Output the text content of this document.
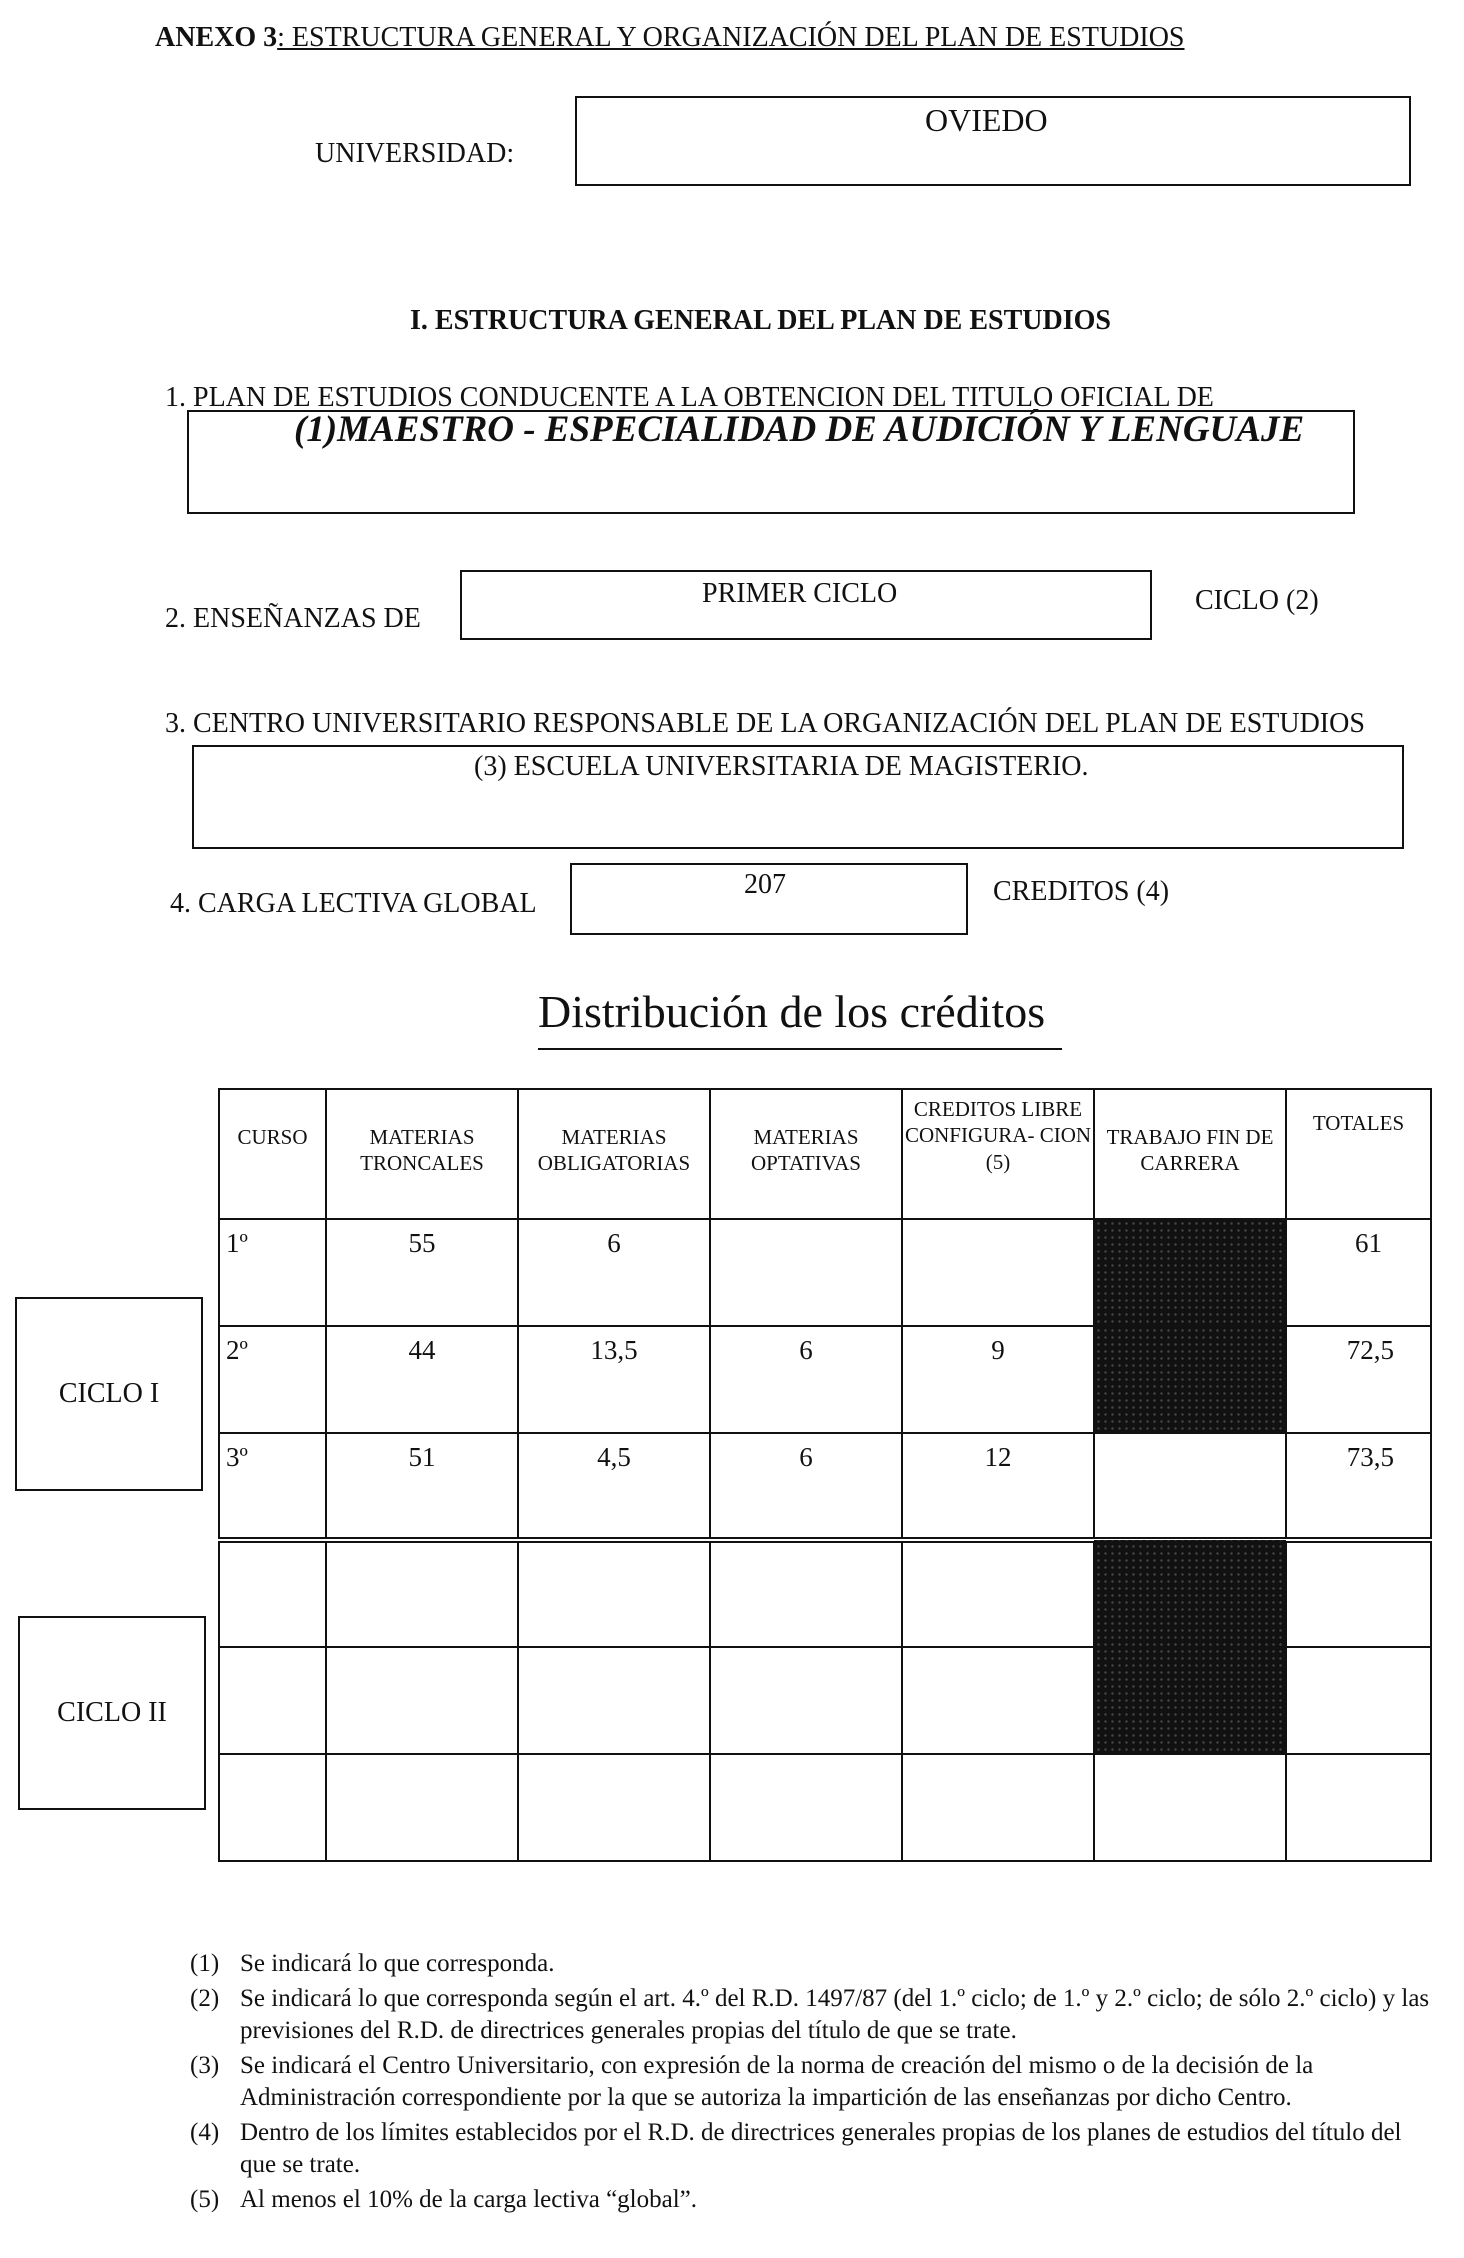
ANEXO 3: ESTRUCTURA GENERAL Y ORGANIZACIÓN DEL PLAN DE ESTUDIOS
UNIVERSIDAD:
OVIEDO
I. ESTRUCTURA GENERAL DEL PLAN DE ESTUDIOS
1. PLAN DE ESTUDIOS CONDUCENTE A LA OBTENCION DEL TITULO OFICIAL DE
(1)MAESTRO - ESPECIALIDAD DE AUDICIÓN Y LENGUAJE
2. ENSEÑANZAS DE
PRIMER CICLO	CICLO (2)
3. CENTRO UNIVERSITARIO RESPONSABLE DE LA ORGANIZACIÓN DEL PLAN DE ESTUDIOS
(3) ESCUELA UNIVERSITARIA DE MAGISTERIO.
4. CARGA LECTIVA GLOBAL
207	CREDITOS (4)
Distribución de los créditos
CICLO I
CICLO II
CURSO	MATERIAS TRONCALES	MATERIAS OBLIGATORIAS	MATERIAS OPTATIVAS	CREDITOS LIBRE CONFIGURA- CION (5)	TRABAJO FIN DE CARRERA	TOTALES
1º	55	6				61
2º	44	13,5	6	9		72,5
3º	51	4,5	6	12		73,5

(1) Se indicará lo que corresponda.
(2) Se indicará lo que corresponda según el art. 4.º del R.D. 1497/87 (del 1.º ciclo; de 1.º y 2.º ciclo; de sólo 2.º ciclo) y las previsiones del R.D. de directrices generales propias del título de que se trate.
(3) Se indicará el Centro Universitario, con expresión de la norma de creación del mismo o de la decisión de la Administración correspondiente por la que se autoriza la impartición de las enseñanzas por dicho Centro.
(4) Dentro de los límites establecidos por el R.D. de directrices generales propias de los planes de estudios del título del que se trate.
(5) Al menos el 10% de la carga lectiva “global”.
